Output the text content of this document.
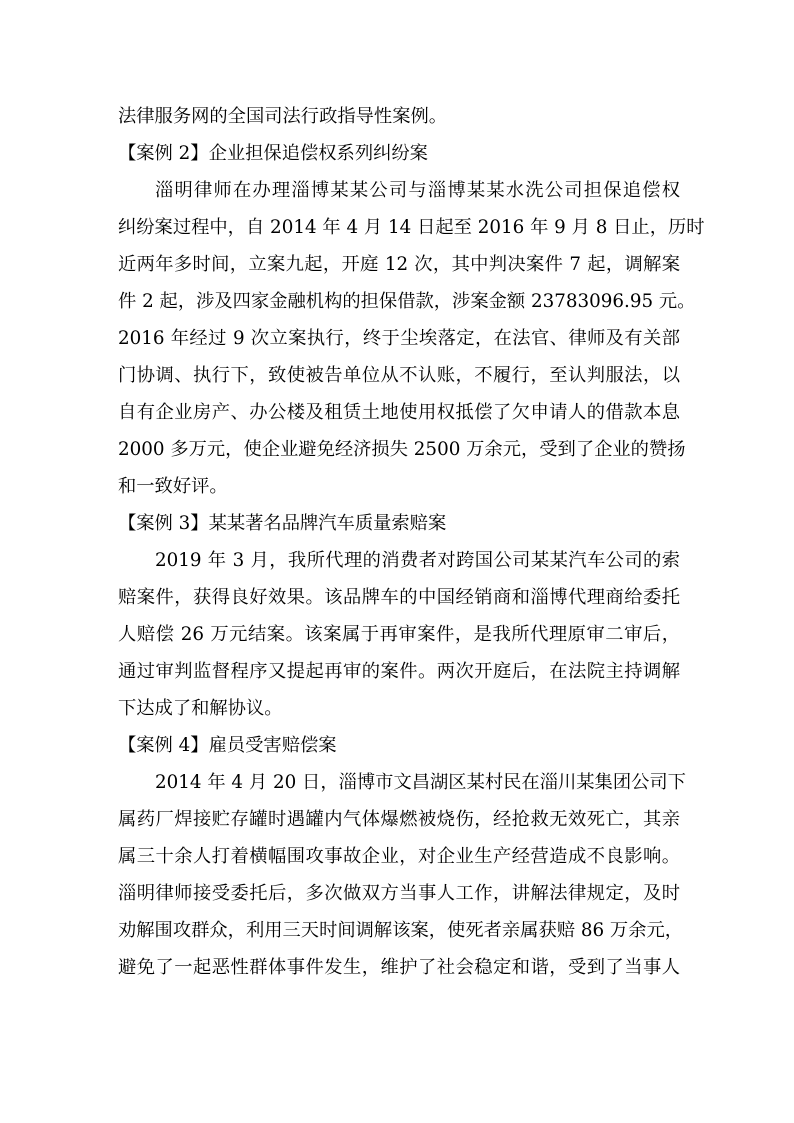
法律服务网的全国司法行政指导性案例。
【案例 2】企业担保追偿权系列纠纷案
淄明律师在办理淄博某某公司与淄博某某水洗公司担保追偿权
纠纷案过程中，自 2014 年 4 月 14 日起至 2016 年 9 月 8 日止，历时
近两年多时间，立案九起，开庭 12 次，其中判决案件 7 起，调解案
件 2 起，涉及四家金融机构的担保借款，涉案金额 23783096.95 元。
2016 年经过 9 次立案执行，终于尘埃落定，在法官、律师及有关部
门协调、执行下，致使被告单位从不认账，不履行，至认判服法，以
自有企业房产、办公楼及租赁土地使用权抵偿了欠申请人的借款本息
2000 多万元，使企业避免经济损失 2500 万余元，受到了企业的赞扬
和一致好评。
【案例 3】某某著名品牌汽车质量索赔案
2019 年 3 月，我所代理的消费者对跨国公司某某汽车公司的索
赔案件，获得良好效果。该品牌车的中国经销商和淄博代理商给委托
人赔偿 26 万元结案。该案属于再审案件，是我所代理原审二审后，
通过审判监督程序又提起再审的案件。两次开庭后，在法院主持调解
下达成了和解协议。
【案例 4】雇员受害赔偿案
2014 年 4 月 20 日，淄博市文昌湖区某村民在淄川某集团公司下
属药厂焊接贮存罐时遇罐内气体爆燃被烧伤，经抢救无效死亡，其亲
属三十余人打着横幅围攻事故企业，对企业生产经营造成不良影响。
淄明律师接受委托后，多次做双方当事人工作，讲解法律规定，及时
劝解围攻群众，利用三天时间调解该案，使死者亲属获赔 86 万余元，
避免了一起恶性群体事件发生，维护了社会稳定和谐，受到了当事人
